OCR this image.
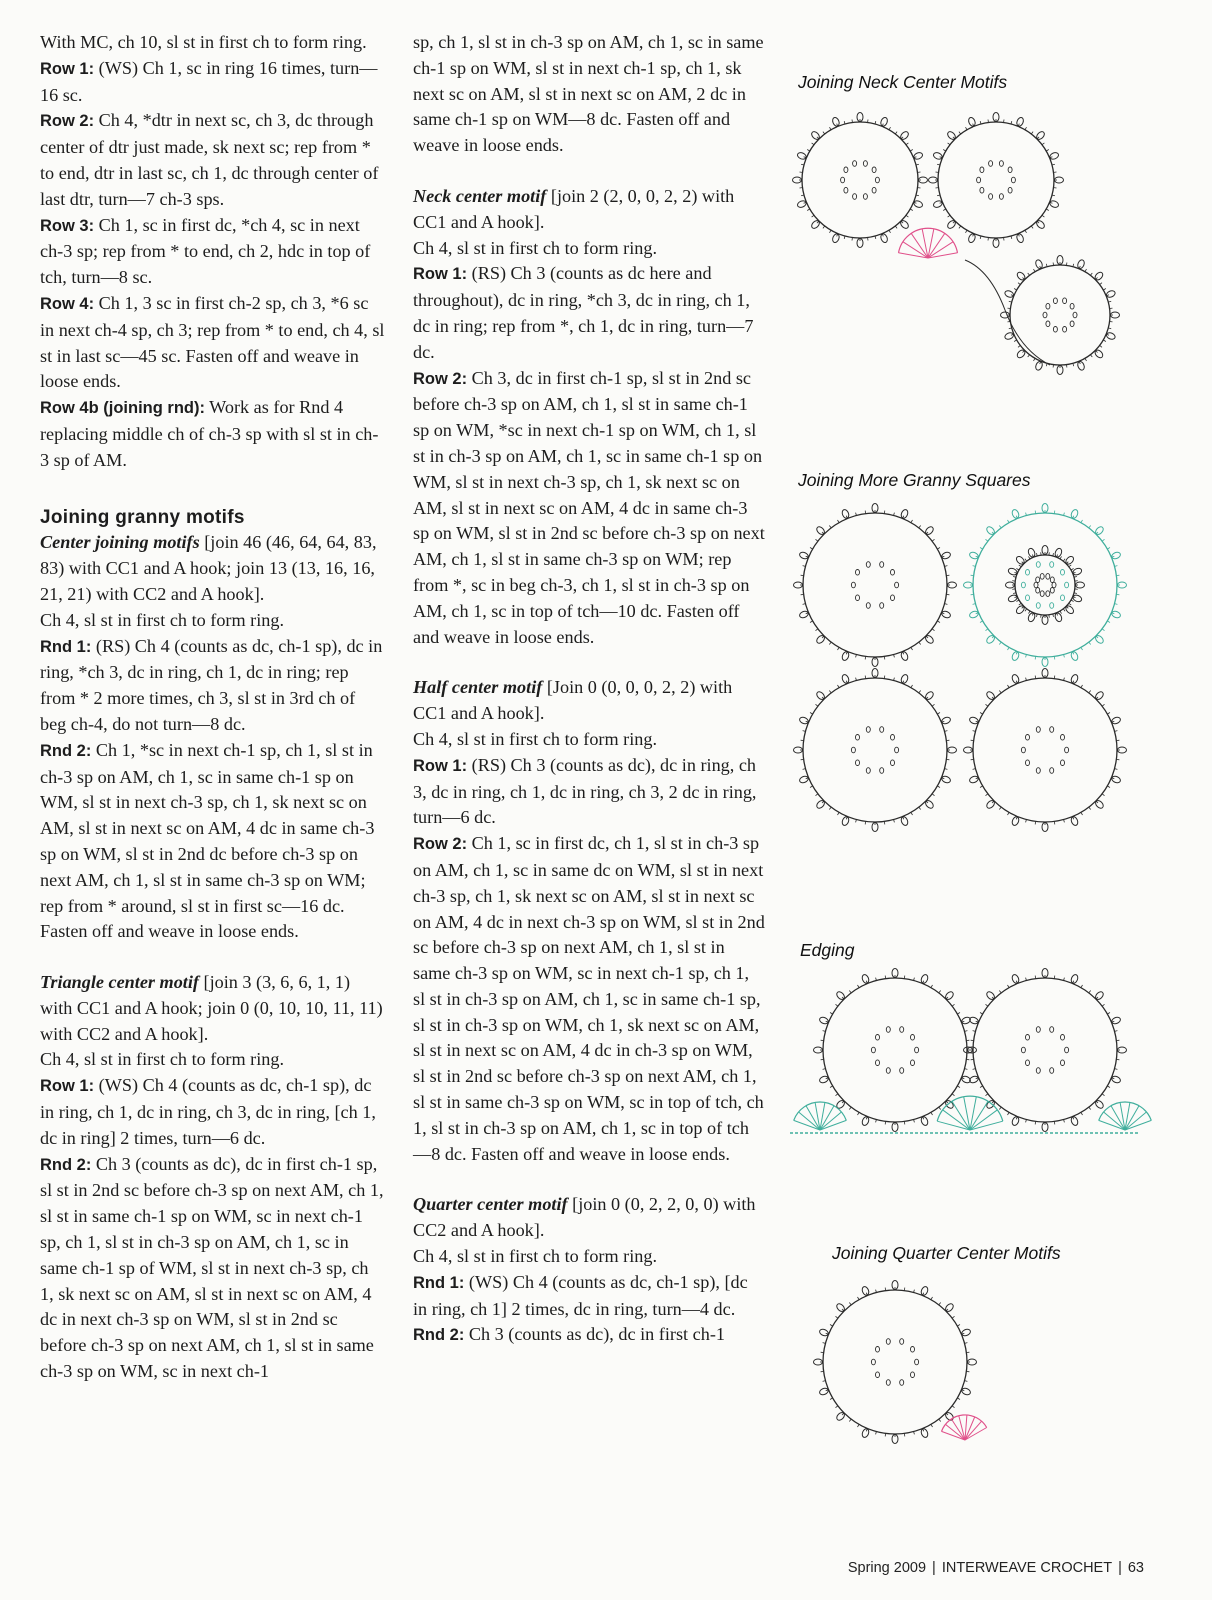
With MC, ch 10, sl st in first ch to form ring.

Row 1: (WS) Ch 1, sc in ring 16 times, turn—16 sc.

Row 2: Ch 4, *dtr in next sc, ch 3, dc through center of dtr just made, sk next sc; rep from * to end, dtr in last sc, ch 1, dc through center of last dtr, turn—7 ch-3 sps.

Row 3: Ch 1, sc in first dc, *ch 4, sc in next ch-3 sp; rep from * to end, ch 2, hdc in top of tch, turn—8 sc.

Row 4: Ch 1, 3 sc in first ch-2 sp, ch 3, *6 sc in next ch-4 sp, ch 3; rep from * to end, ch 4, sl st in last sc—45 sc. Fasten off and weave in loose ends.

Row 4b (joining rnd): Work as for Rnd 4 replacing middle ch of ch-3 sp with sl st in ch-3 sp of AM.

Joining granny motifs

Center joining motifs [join 46 (46, 64, 64, 83, 83) with CC1 and A hook; join 13 (13, 16, 16, 21, 21) with CC2 and A hook].

Ch 4, sl st in first ch to form ring.

Rnd 1: (RS) Ch 4 (counts as dc, ch-1 sp), dc in ring, *ch 3, dc in ring, ch 1, dc in ring; rep from * 2 more times, ch 3, sl st in 3rd ch of beg ch-4, do not turn—8 dc.

Rnd 2: Ch 1, *sc in next ch-1 sp, ch 1, sl st in ch-3 sp on AM, ch 1, sc in same ch-1 sp on WM, sl st in next ch-3 sp, ch 1, sk next sc on AM, sl st in next sc on AM, 4 dc in same ch-3 sp on WM, sl st in 2nd dc before ch-3 sp on next AM, ch 1, sl st in same ch-3 sp on WM; rep from * around, sl st in first sc—16 dc. Fasten off and weave in loose ends.

Triangle center motif [join 3 (3, 6, 6, 1, 1) with CC1 and A hook; join 0 (0, 10, 10, 11, 11) with CC2 and A hook].

Ch 4, sl st in first ch to form ring.

Row 1: (WS) Ch 4 (counts as dc, ch-1 sp), dc in ring, ch 1, dc in ring, ch 3, dc in ring, [ch 1, dc in ring] 2 times, turn—6 dc.

Rnd 2: Ch 3 (counts as dc), dc in first ch-1 sp, sl st in 2nd sc before ch-3 sp on next AM, ch 1, sl st in same ch-1 sp on WM, sc in next ch-1 sp, ch 1, sl st in ch-3 sp on AM, ch 1, sc in same ch-1 sp of WM, sl st in next ch-3 sp, ch 1, sk next sc on AM, sl st in next sc on AM, 4 dc in next ch-3 sp on WM, sl st in 2nd sc before ch-3 sp on next AM, ch 1, sl st in same ch-3 sp on WM, sc in next ch-1

sp, ch 1, sl st in ch-3 sp on AM, ch 1, sc in same ch-1 sp on WM, sl st in next ch-1 sp, ch 1, sk next sc on AM, sl st in next sc on AM, 2 dc in same ch-1 sp on WM—8 dc. Fasten off and weave in loose ends.

Neck center motif [join 2 (2, 0, 0, 2, 2) with CC1 and A hook].

Ch 4, sl st in first ch to form ring.

Row 1: (RS) Ch 3 (counts as dc here and throughout), dc in ring, *ch 3, dc in ring, ch 1, dc in ring; rep from *, ch 1, dc in ring, turn—7 dc.

Row 2: Ch 3, dc in first ch-1 sp, sl st in 2nd sc before ch-3 sp on AM, ch 1, sl st in same ch-1 sp on WM, *sc in next ch-1 sp on WM, ch 1, sl st in ch-3 sp on AM, ch 1, sc in same ch-1 sp on WM, sl st in next ch-3 sp, ch 1, sk next sc on AM, sl st in next sc on AM, 4 dc in same ch-3 sp on WM, sl st in 2nd sc before ch-3 sp on next AM, ch 1, sl st in same ch-3 sp on WM; rep from *, sc in beg ch-3, ch 1, sl st in ch-3 sp on AM, ch 1, sc in top of tch—10 dc. Fasten off and weave in loose ends.

Half center motif [Join 0 (0, 0, 0, 2, 2) with CC1 and A hook].

Ch 4, sl st in first ch to form ring.

Row 1: (RS) Ch 3 (counts as dc), dc in ring, ch 3, dc in ring, ch 1, dc in ring, ch 3, 2 dc in ring, turn—6 dc.

Row 2: Ch 1, sc in first dc, ch 1, sl st in ch-3 sp on AM, ch 1, sc in same dc on WM, sl st in next ch-3 sp, ch 1, sk next sc on AM, sl st in next sc on AM, 4 dc in next ch-3 sp on WM, sl st in 2nd sc before ch-3 sp on next AM, ch 1, sl st in same ch-3 sp on WM, sc in next ch-1 sp, ch 1, sl st in ch-3 sp on AM, ch 1, sc in same ch-1 sp, sl st in ch-3 sp on WM, ch 1, sk next sc on AM, sl st in next sc on AM, 4 dc in ch-3 sp on WM, sl st in 2nd sc before ch-3 sp on next AM, ch 1, sl st in same ch-3 sp on WM, sc in top of tch, ch 1, sl st in ch-3 sp on AM, ch 1, sc in top of tch—8 dc. Fasten off and weave in loose ends.

Quarter center motif [join 0 (0, 2, 2, 0, 0) with CC2 and A hook].

Ch 4, sl st in first ch to form ring.

Rnd 1: (WS) Ch 4 (counts as dc, ch-1 sp), [dc in ring, ch 1] 2 times, dc in ring, turn—4 dc.

Rnd 2: Ch 3 (counts as dc), dc in first ch-1

Joining Neck Center Motifs
Joining More Granny Squares
Edging
Joining Quarter Center Motifs
Spring 2009 | INTERWEAVE CROCHET | 63
